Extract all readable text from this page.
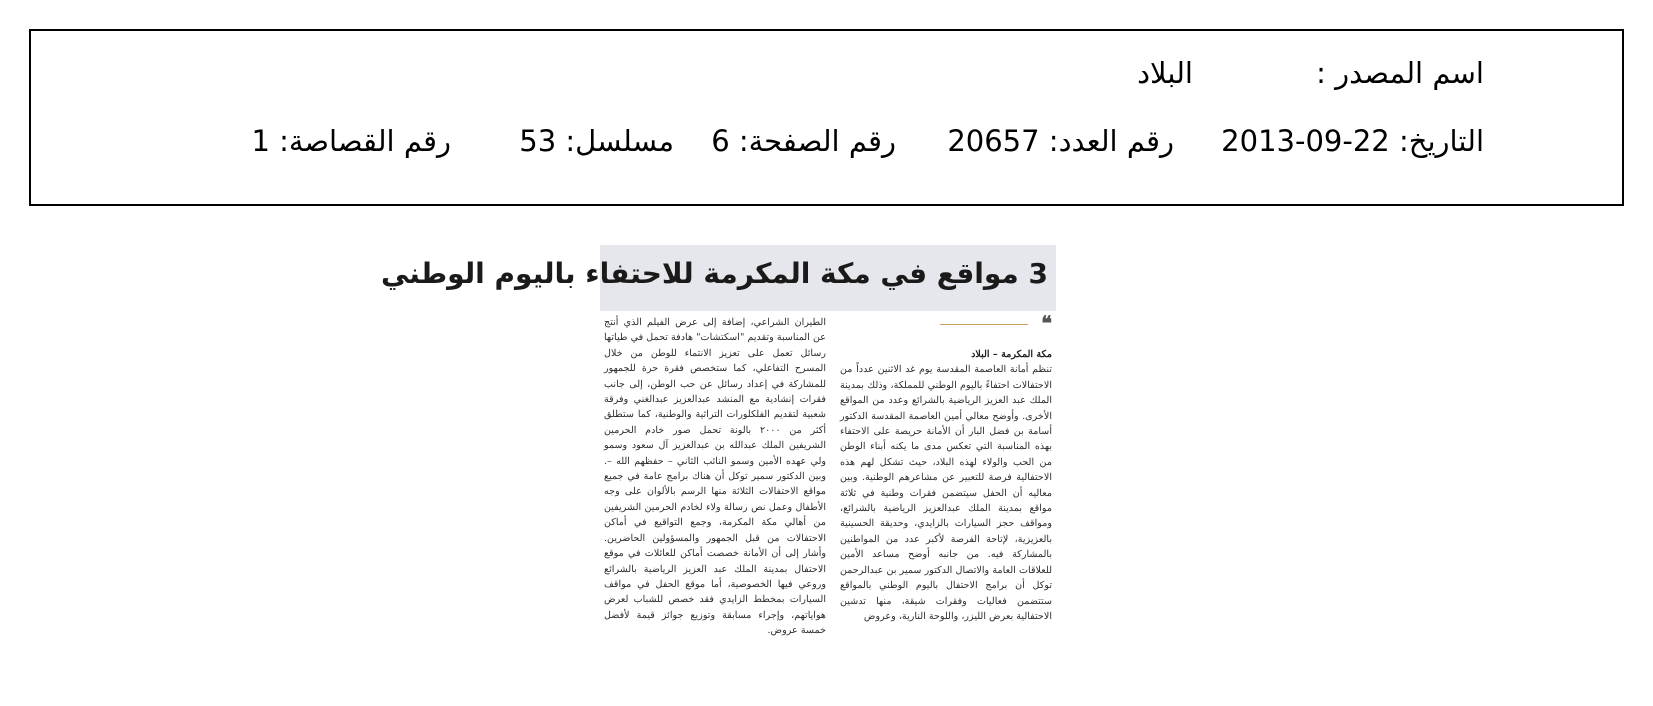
اسم المصدر :
البلاد
التاريخ: 22-09-2013
رقم العدد: 20657
رقم الصفحة: 6
مسلسل: 53
رقم القصاصة: 1
3 مواقع في مكة المكرمة للاحتفاء باليوم الوطني
❝
مكة المكرمة – البلاد
تنظم أمانة العاصمة المقدسة يوم غد الاثنين عدداً من الاحتفالات احتفاءً باليوم الوطني للمملكة، وذلك بمدينة الملك عبد العزيز الرياضية بالشرائع وعدد من المواقع الأخرى. وأوضح معالي أمين العاصمة المقدسة الدكتور أسامة بن فضل البار أن الأمانة حريصة على الاحتفاء بهذه المناسبة التي تعكس مدى ما يكنه أبناء الوطن من الحب والولاء لهذه البلاد، حيث تشكل لهم هذه الاحتفالية فرصة للتعبير عن مشاعرهم الوطنية. وبين معاليه أن الحفل سيتضمن فقرات وطنية في ثلاثة مواقع بمدينة الملك عبدالعزيز الرياضية بالشرائع، ومواقف حجز السيارات بالزايدي، وحديقة الحسينية بالعزيزية، لإتاحة الفرصة لأكبر عدد من المواطنين بالمشاركة فيه. من جانبه أوضح مساعد الأمين للعلاقات العامة والاتصال الدكتور سمير بن عبدالرحمن توكل أن برامج الاحتفال باليوم الوطني بالمواقع ستتضمن فعاليات وفقرات شيقة، منها تدشين الاحتفالية بعرض الليزر، واللوحة النارية، وعروض
الطيران الشراعي، إضافة إلى عرض الفيلم الذي أنتج عن المناسبة وتقديم "اسكتشات" هادفة تحمل في طياتها رسائل تعمل على تعزيز الانتماء للوطن من خلال المسرح التفاعلي، كما ستخصص فقرة حرة للجمهور للمشاركة في إعداد رسائل عن حب الوطن، إلى جانب فقرات إنشادية مع المنشد عبدالعزيز عبدالغني وفرقة شعبية لتقديم الفلكلورات التراثية والوطنية، كما ستطلق أكثر من ٢٠٠٠ بالونة تحمل صور خادم الحرمين الشريفين الملك عبدالله بن عبدالعزيز آل سعود وسمو ولي عهده الأمين وسمو النائب الثاني – حفظهم الله –. وبين الدكتور سمير توكل أن هناك برامج عامة في جميع مواقع الاحتفالات الثلاثة منها الرسم بالألوان على وجه الأطفال وعمل نص رسالة ولاء لخادم الحرمين الشريفين من أهالي مكة المكرمة، وجمع التواقيع في أماكن الاحتفالات من قبل الجمهور والمسؤولين الحاضرين. وأشار إلى أن الأمانة خصصت أماكن للعائلات في موقع الاحتفال بمدينة الملك عبد العزيز الرياضية بالشرائع وروعي فيها الخصوصية، أما موقع الحفل في مواقف السيارات بمخطط الزايدي فقد خصص للشباب لعرض هواياتهم، وإجراء مسابقة وتوزيع جوائز قيمة لأفضل خمسة عروض.
